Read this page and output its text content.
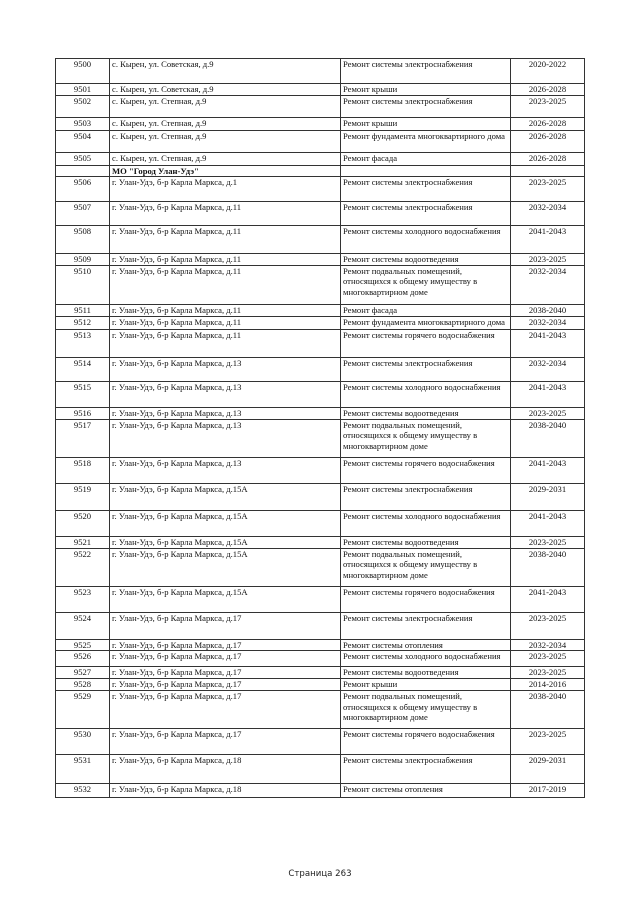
9500	с. Кырен, ул. Советская, д.9	Ремонт системы электроснабжения	2020-2022
9501	с. Кырен, ул. Советская, д.9	Ремонт крыши	2026-2028
9502	с. Кырен, ул. Степная, д.9	Ремонт системы электроснабжения	2023-2025
9503	с. Кырен, ул. Степная, д.9	Ремонт крыши	2026-2028
9504	с. Кырен, ул. Степная, д.9	Ремонт фундамента многоквартирного дома	2026-2028
9505	с. Кырен, ул. Степная, д.9	Ремонт фасада	2026-2028
	МО "Город Улан-Удэ"		
9506	г. Улан-Удэ, б-р Карла Маркса, д.1	Ремонт системы электроснабжения	2023-2025
9507	г. Улан-Удэ, б-р Карла Маркса, д.11	Ремонт системы электроснабжения	2032-2034
9508	г. Улан-Удэ, б-р Карла Маркса, д.11	Ремонт системы холодного водоснабжения	2041-2043
9509	г. Улан-Удэ, б-р Карла Маркса, д.11	Ремонт системы водоотведения	2023-2025
9510	г. Улан-Удэ, б-р Карла Маркса, д.11	Ремонт подвальных помещений, относящихся к общему имуществу в многоквартирном доме	2032-2034
9511	г. Улан-Удэ, б-р Карла Маркса, д.11	Ремонт фасада	2038-2040
9512	г. Улан-Удэ, б-р Карла Маркса, д.11	Ремонт фундамента многоквартирного дома	2032-2034
9513	г. Улан-Удэ, б-р Карла Маркса, д.11	Ремонт системы горячего водоснабжения	2041-2043
9514	г. Улан-Удэ, б-р Карла Маркса, д.13	Ремонт системы электроснабжения	2032-2034
9515	г. Улан-Удэ, б-р Карла Маркса, д.13	Ремонт системы холодного водоснабжения	2041-2043
9516	г. Улан-Удэ, б-р Карла Маркса, д.13	Ремонт системы водоотведения	2023-2025
9517	г. Улан-Удэ, б-р Карла Маркса, д.13	Ремонт подвальных помещений, относящихся к общему имуществу в многоквартирном доме	2038-2040
9518	г. Улан-Удэ, б-р Карла Маркса, д.13	Ремонт системы горячего водоснабжения	2041-2043
9519	г. Улан-Удэ, б-р Карла Маркса, д.15А	Ремонт системы электроснабжения	2029-2031
9520	г. Улан-Удэ, б-р Карла Маркса, д.15А	Ремонт системы холодного водоснабжения	2041-2043
9521	г. Улан-Удэ, б-р Карла Маркса, д.15А	Ремонт системы водоотведения	2023-2025
9522	г. Улан-Удэ, б-р Карла Маркса, д.15А	Ремонт подвальных помещений, относящихся к общему имуществу в многоквартирном доме	2038-2040
9523	г. Улан-Удэ, б-р Карла Маркса, д.15А	Ремонт системы горячего водоснабжения	2041-2043
9524	г. Улан-Удэ, б-р Карла Маркса, д.17	Ремонт системы электроснабжения	2023-2025
9525	г. Улан-Удэ, б-р Карла Маркса, д.17	Ремонт системы отопления	2032-2034
9526	г. Улан-Удэ, б-р Карла Маркса, д.17	Ремонт системы холодного водоснабжения	2023-2025
9527	г. Улан-Удэ, б-р Карла Маркса, д.17	Ремонт системы водоотведения	2023-2025
9528	г. Улан-Удэ, б-р Карла Маркса, д.17	Ремонт крыши	2014-2016
9529	г. Улан-Удэ, б-р Карла Маркса, д.17	Ремонт подвальных помещений, относящихся к общему имуществу в многоквартирном доме	2038-2040
9530	г. Улан-Удэ, б-р Карла Маркса, д.17	Ремонт системы горячего водоснабжения	2023-2025
9531	г. Улан-Удэ, б-р Карла Маркса, д.18	Ремонт системы электроснабжения	2029-2031
9532	г. Улан-Удэ, б-р Карла Маркса, д.18	Ремонт системы отопления	2017-2019
Страница 263
